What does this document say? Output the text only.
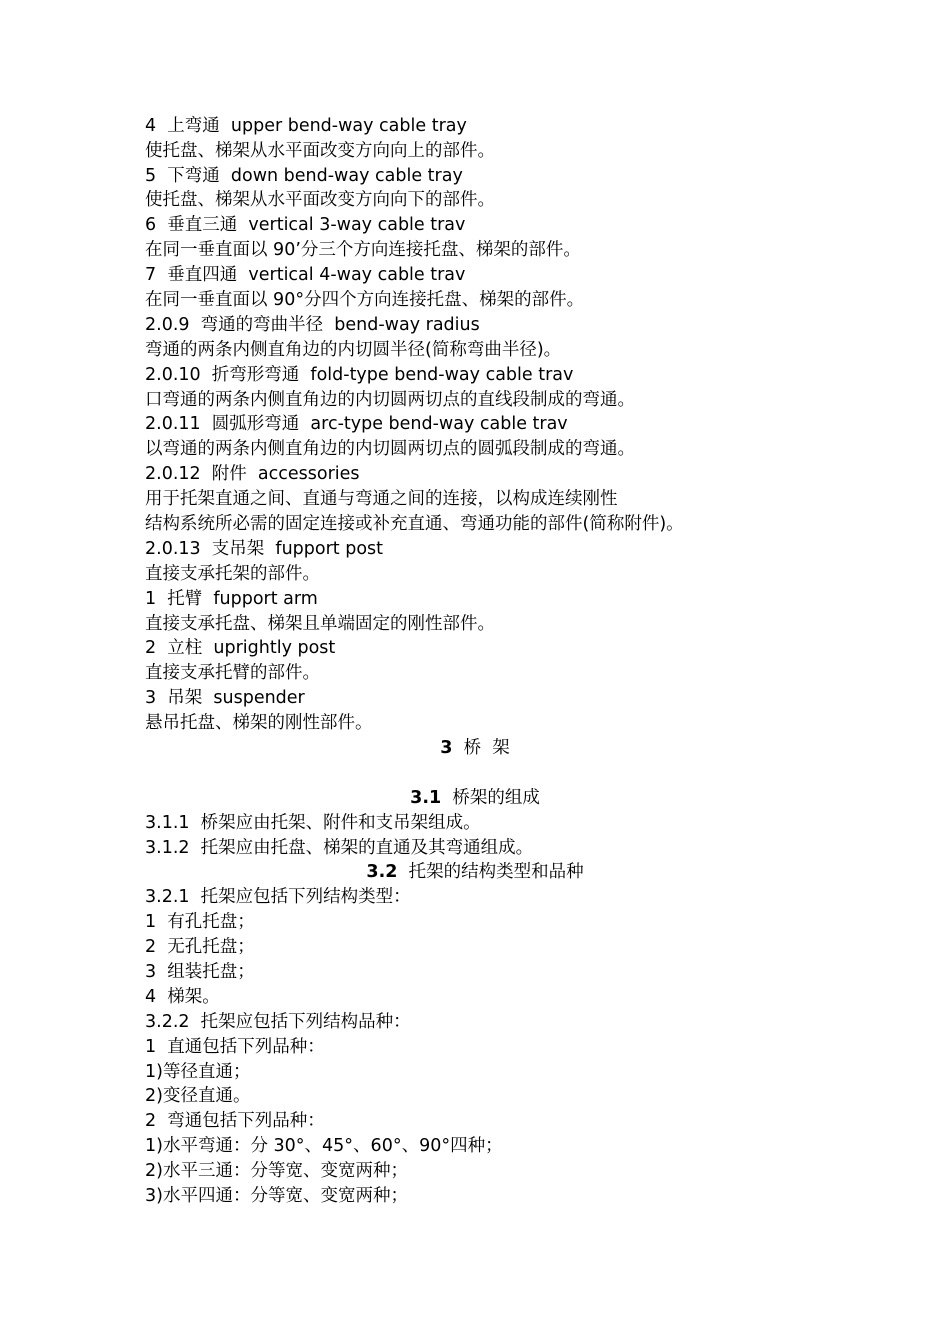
4  上弯通  upper bend-way cable tray
使托盘、梯架从水平面改变方向向上的部件。
5  下弯通  down bend-way cable tray
使托盘、梯架从水平面改变方向向下的部件。
6  垂直三通  vertical 3-way cable trav
在同一垂直面以 90’分三个方向连接托盘、梯架的部件。
7  垂直四通  vertical 4-way cable trav
在同一垂直面以 90°分四个方向连接托盘、梯架的部件。
2.0.9  弯通的弯曲半径  bend-way radius
弯通的两条内侧直角边的内切圆半径(简称弯曲半径)。
2.0.10  折弯形弯通  fold-type bend-way cable trav
口弯通的两条内侧直角边的内切圆两切点的直线段制成的弯通。
2.0.11  圆弧形弯通  arc-type bend-way cable trav
以弯通的两条内侧直角边的内切圆两切点的圆弧段制成的弯通。
2.0.12  附件  accessories
用于托架直通之间、直通与弯通之间的连接，以构成连续刚性
结构系统所必需的固定连接或补充直通、弯通功能的部件(简称附件)。
2.0.13  支吊架  fupport post
直接支承托架的部件。
1  托臂  fupport arm
直接支承托盘、梯架且单端固定的刚性部件。
2  立柱  uprightly post
直接支承托臂的部件。
3  吊架  suspender
悬吊托盘、梯架的刚性部件。
3 桥  架
3.1 桥架的组成
3.1.1  桥架应由托架、附件和支吊架组成。
3.1.2  托架应由托盘、梯架的直通及其弯通组成。
3.2 托架的结构类型和品种
3.2.1  托架应包括下列结构类型：
1  有孔托盘；
2  无孔托盘；
3  组装托盘；
4  梯架。
3.2.2  托架应包括下列结构品种：
1  直通包括下列品种：
1)等径直通；
2)变径直通。
2  弯通包括下列品种：
1)水平弯通：分 30°、45°、60°、90°四种；
2)水平三通：分等宽、变宽两种；
3)水平四通：分等宽、变宽两种；
